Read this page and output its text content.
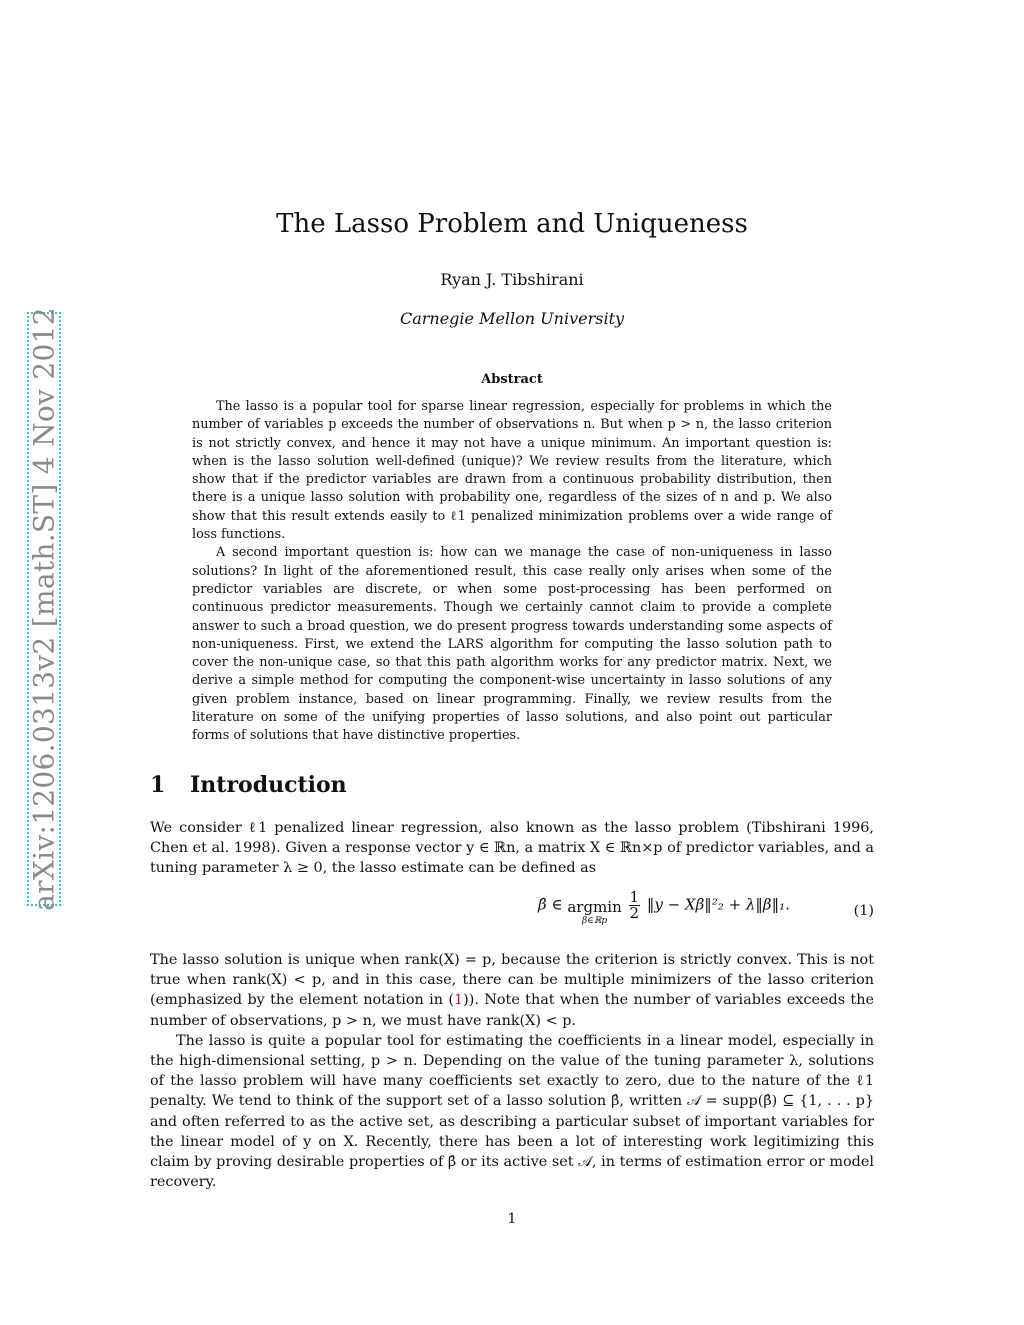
arXiv:1206.0313v2 [math.ST] 4 Nov 2012
The Lasso Problem and Uniqueness
Ryan J. Tibshirani
Carnegie Mellon University
Abstract

The lasso is a popular tool for sparse linear regression, especially for problems in which the number of variables p exceeds the number of observations n. But when p > n, the lasso criterion is not strictly convex, and hence it may not have a unique minimum. An important question is: when is the lasso solution well-defined (unique)? We review results from the literature, which show that if the predictor variables are drawn from a continuous probability distribution, then there is a unique lasso solution with probability one, regardless of the sizes of n and p. We also show that this result extends easily to ℓ1 penalized minimization problems over a wide range of loss functions.

A second important question is: how can we manage the case of non-uniqueness in lasso solutions? In light of the aforementioned result, this case really only arises when some of the predictor variables are discrete, or when some post-processing has been performed on continuous predictor measurements. Though we certainly cannot claim to provide a complete answer to such a broad question, we do present progress towards understanding some aspects of non-uniqueness. First, we extend the LARS algorithm for computing the lasso solution path to cover the non-unique case, so that this path algorithm works for any predictor matrix. Next, we derive a simple method for computing the component-wise uncertainty in lasso solutions of any given problem instance, based on linear programming. Finally, we review results from the literature on some of the unifying properties of lasso solutions, and also point out particular forms of solutions that have distinctive properties.

1 Introduction

We consider ℓ1 penalized linear regression, also known as the lasso problem (Tibshirani 1996, Chen et al. 1998). Given a response vector y ∈ ℝn, a matrix X ∈ ℝn×p of predictor variables, and a tuning parameter λ ≥ 0, the lasso estimate can be defined as

β̂ ∈ argmin
β∈ℝp
	$\frac{1}{2}$ ‖y − Xβ‖²₂ + λ‖β‖₁.	(1)

The lasso solution is unique when rank(X) = p, because the criterion is strictly convex. This is not true when rank(X) < p, and in this case, there can be multiple minimizers of the lasso criterion (emphasized by the element notation in (1)). Note that when the number of variables exceeds the number of observations, p > n, we must have rank(X) < p.

The lasso is quite a popular tool for estimating the coefficients in a linear model, especially in the high-dimensional setting, p > n. Depending on the value of the tuning parameter λ, solutions of the lasso problem will have many coefficients set exactly to zero, due to the nature of the ℓ1 penalty. We tend to think of the support set of a lasso solution β̂, written 𝒜 = supp(β̂) ⊆ {1, . . . p} and often referred to as the active set, as describing a particular subset of important variables for the linear model of y on X. Recently, there has been a lot of interesting work legitimizing this claim by proving desirable properties of β̂ or its active set 𝒜, in terms of estimation error or model recovery.

1
